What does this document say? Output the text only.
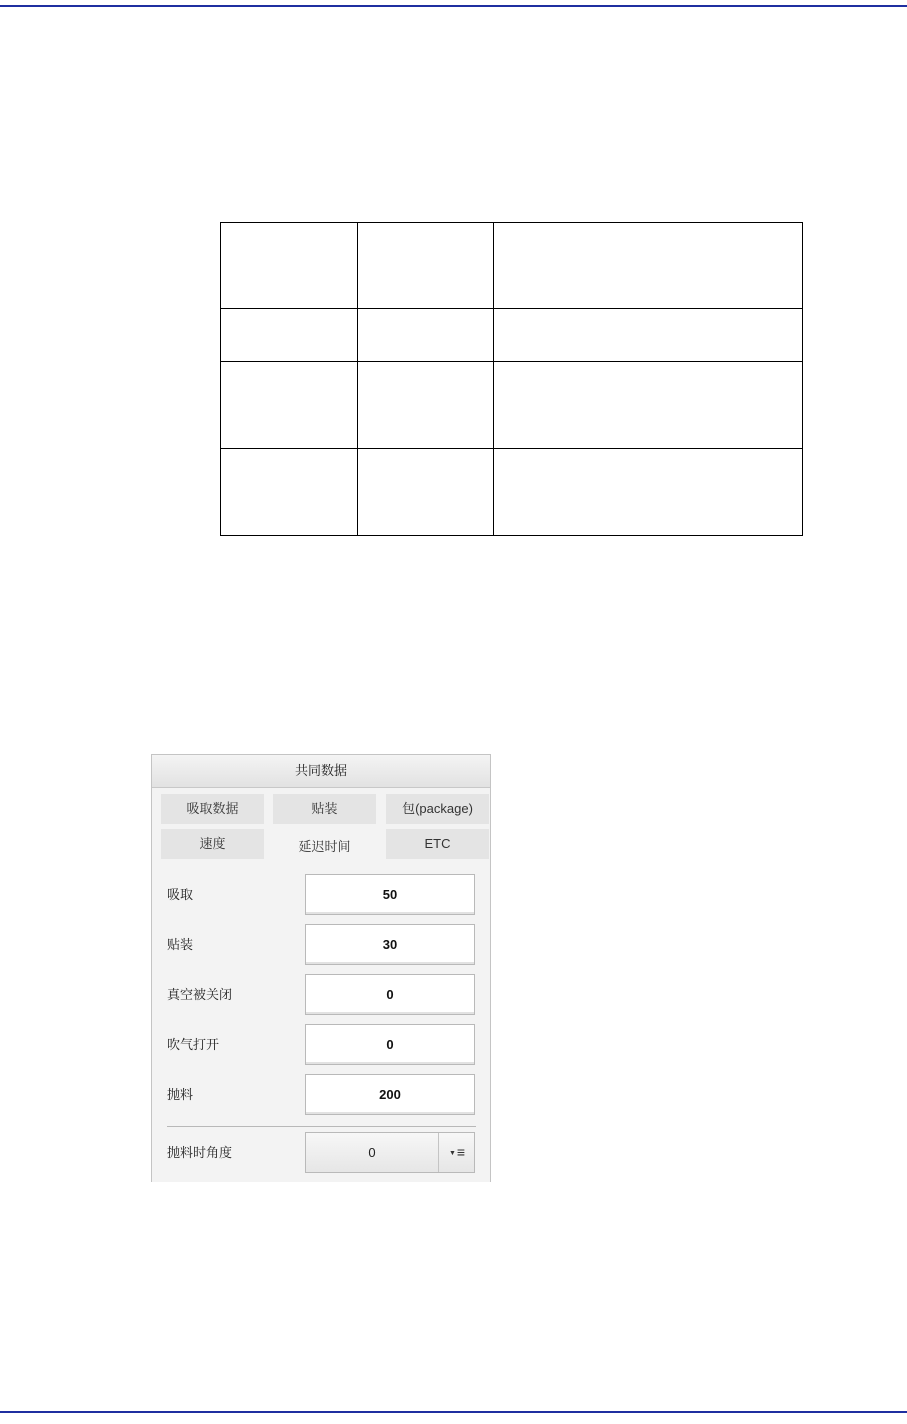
共同数据
吸取数据	贴装	包(package)
速度	延迟时间	ETC
吸取	50
贴装	30
真空被关闭	0
吹气打开	0
抛料	200
抛料时角度	0	▼≡
